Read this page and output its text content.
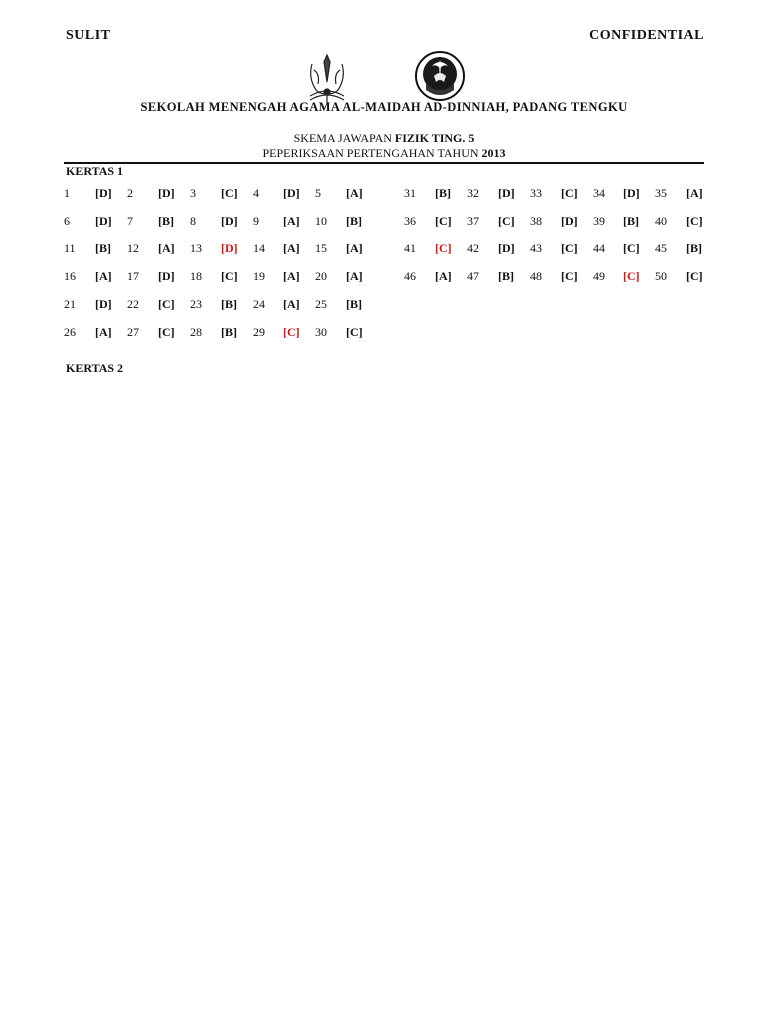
SULIT	CONFIDENTIAL
SEKOLAH MENENGAH AGAMA AL-MAIDAH AD-DINNIAH, PADANG TENGKU
SKEMA JAWAPAN FIZIK TING. 5
PEPERIKSAAN PERTENGAHAN TAHUN 2013
KERTAS 1
1 [D] 2 [D] 3 [C] 4 [D] 5 [A]
6 [D] 7 [B] 8 [D] 9 [A] 10 [B]
11 [B] 12 [A] 13 [D] 14 [A] 15 [A]
16 [A] 17 [D] 18 [C] 19 [A] 20 [A]
21 [D] 22 [C] 23 [B] 24 [A] 25 [B]
26 [A] 27 [C] 28 [B] 29 [C] 30 [C]
31 [B] 32 [D] 33 [C] 34 [D] 35 [A]
36 [C] 37 [C] 38 [D] 39 [B] 40 [C]
41 [C] 42 [D] 43 [C] 44 [C] 45 [B]
46 [A] 47 [B] 48 [C] 49 [C] 50 [C]
KERTAS 2
